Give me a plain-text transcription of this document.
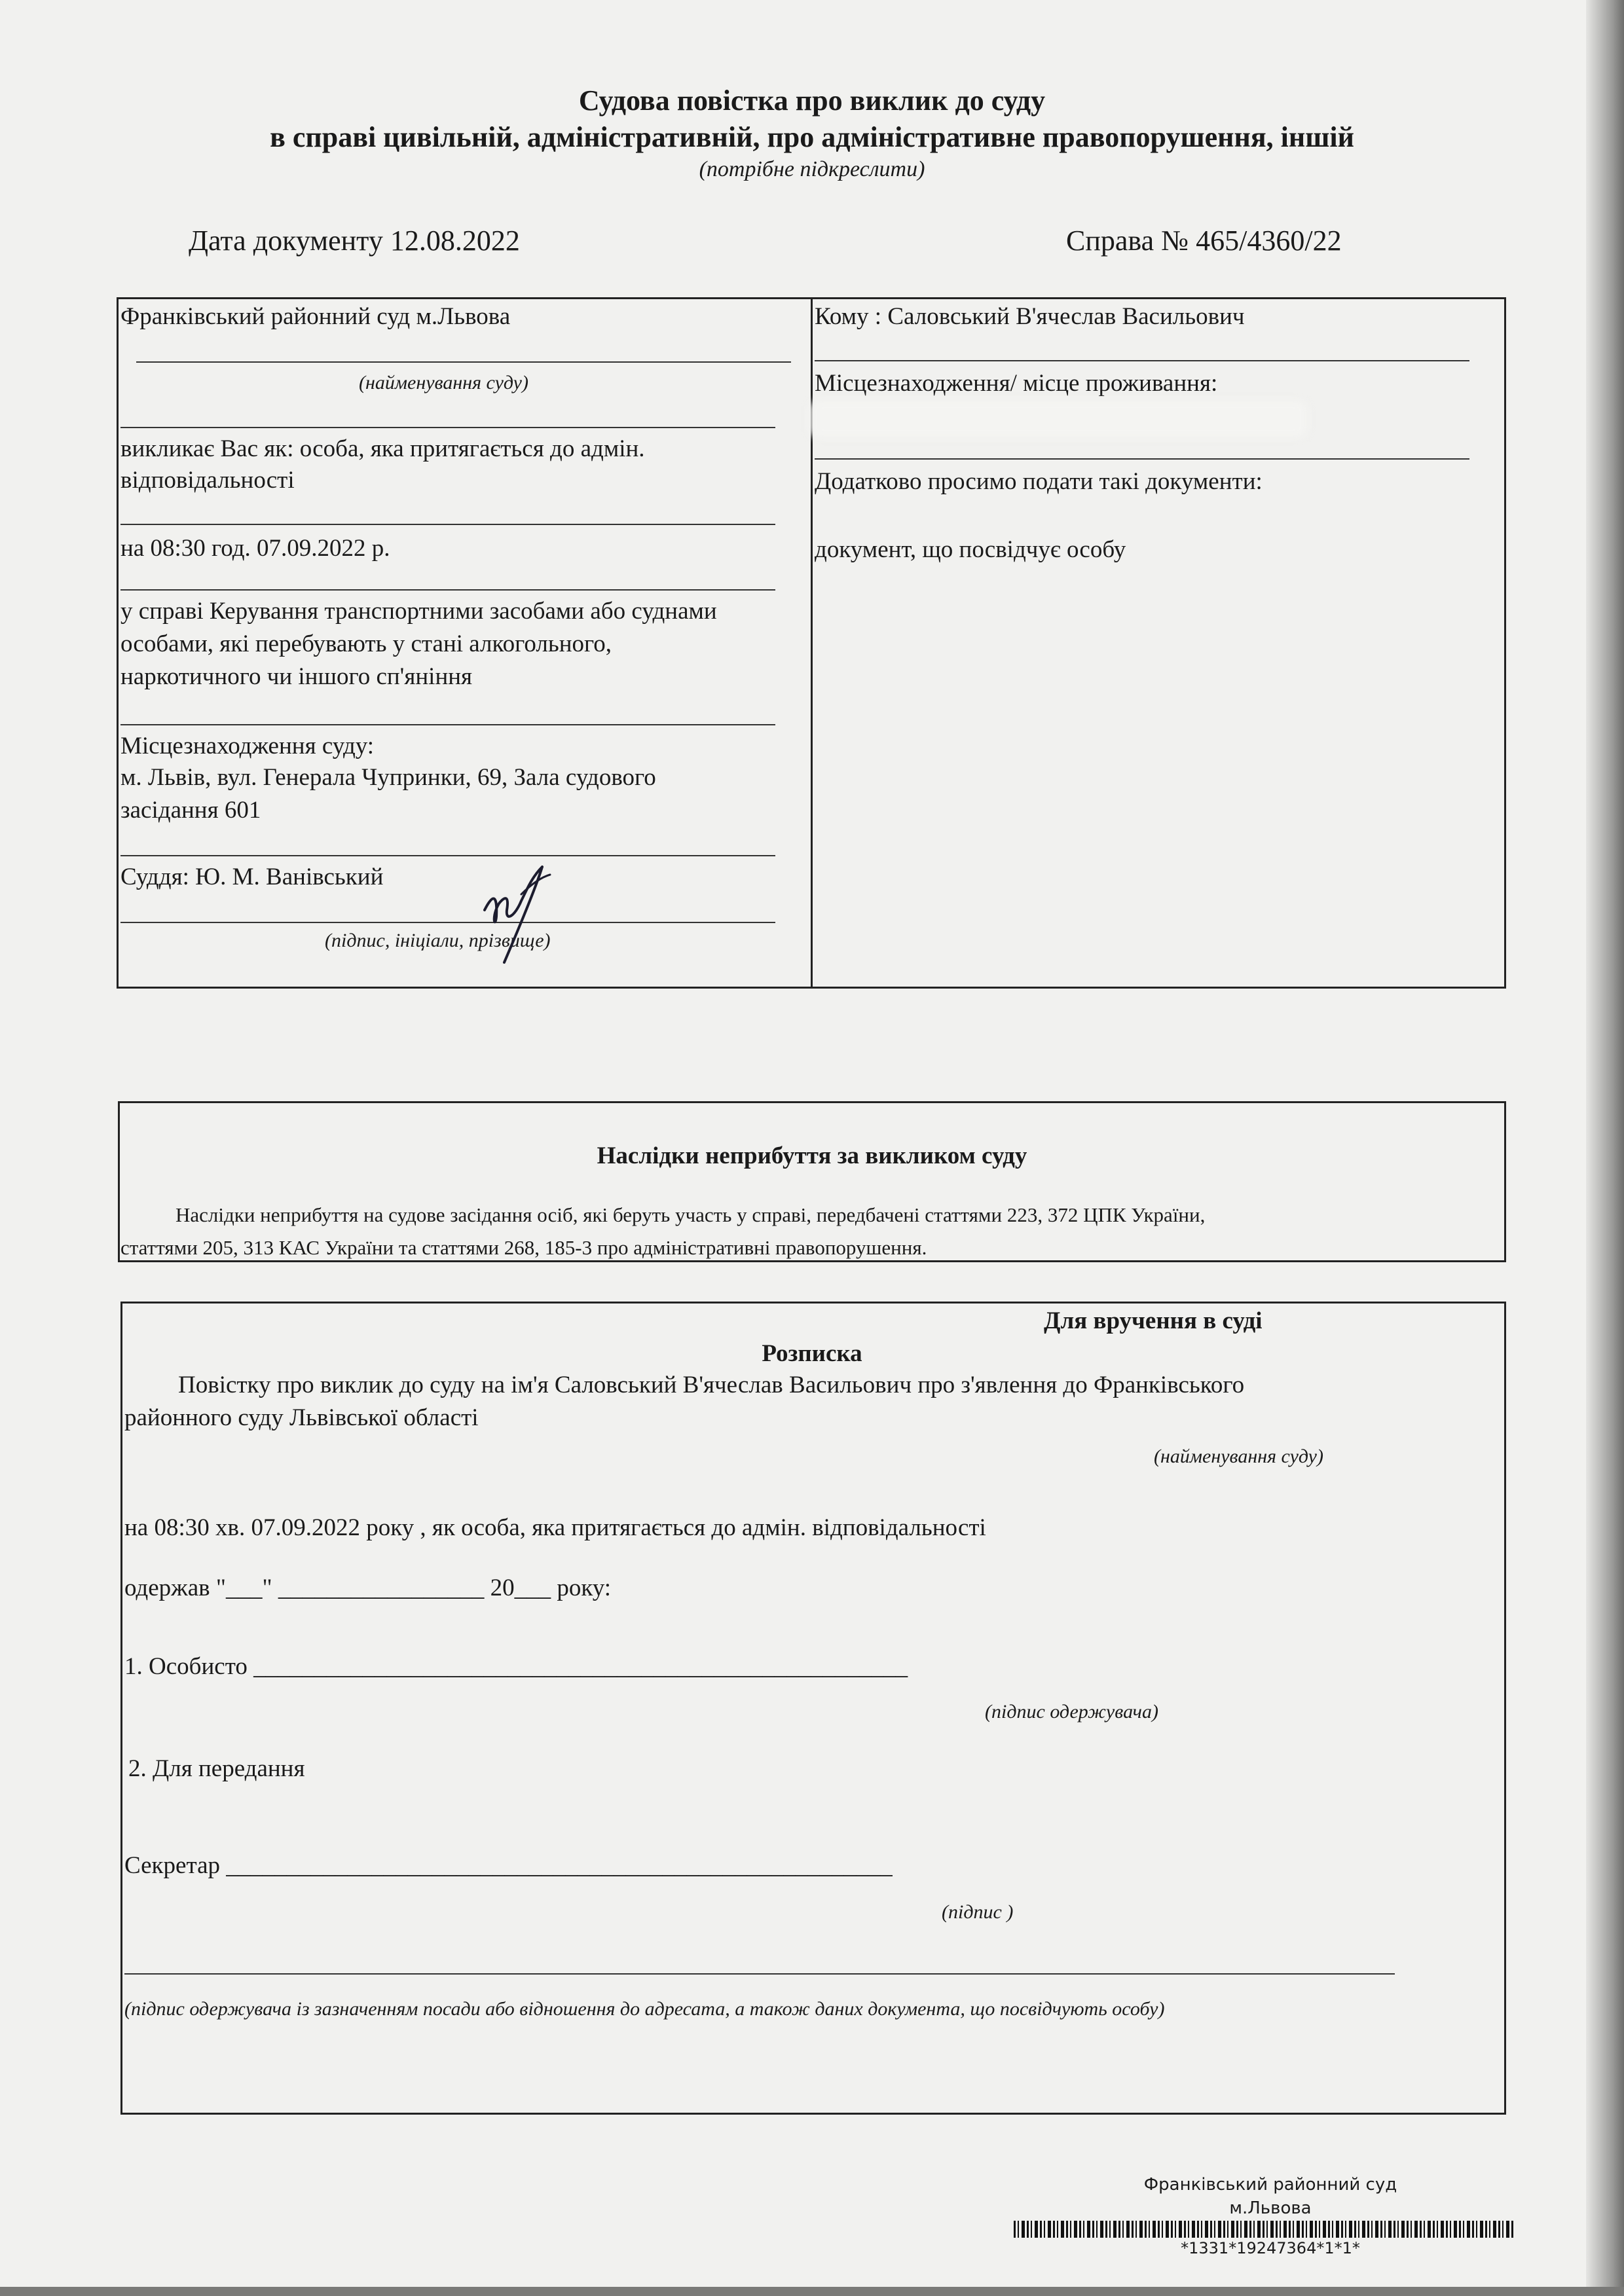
Судова повістка про виклик до суду
в справі цивільній, адміністративній, про адміністративне правопорушення, іншій
(потрібне підкреслити)
Дата документу 12.08.2022	Справа № 465/4360/22
Франківський районний суд м.Львова
(найменування суду)
викликає Вас як: особа, яка притягається до адмін.
відповідальності
на 08:30 год. 07.09.2022 р.
у справі Керування транспортними засобами або суднами
особами, які перебувають у стані алкогольного,
наркотичного чи іншого сп'яніння
Місцезнаходження суду:
м. Львів, вул. Генерала Чупринки, 69, Зала судового
засідання 601
Суддя: Ю. М. Ванівський
(підпис, ініціали, прізвище)
Кому : Саловський В'ячеслав Васильович
Місцезнаходження/ місце проживання:
Додатково просимо подати такі документи:
документ, що посвідчує особу
Наслідки неприбуття за викликом суду
Наслідки неприбуття на судове засідання осіб, які беруть участь у справі, передбачені статтями 223, 372 ЦПК України,
статтями 205, 313 КАС України та статтями 268, 185-3 про адміністративні правопорушення.
Для вручення в суді
Розписка
Повістку про виклик до суду на ім'я Саловський В'ячеслав Васильович про з'явлення до Франківського
районного суду Львівської області
(найменування суду)
на 08:30 хв. 07.09.2022 року , як особа, яка притягається до адмін. відповідальності
одержав "___" _________________ 20___ року:
1. Особисто ______________________________________________________
(підпис одержувача)
2. Для передання
Секретар _______________________________________________________
(підпис )
(підпис одержувача із зазначенням посади або відношення до адресата, а також даних документа, що посвідчують особу)
Франківський районний суд
м.Львова
*1331*19247364*1*1*
